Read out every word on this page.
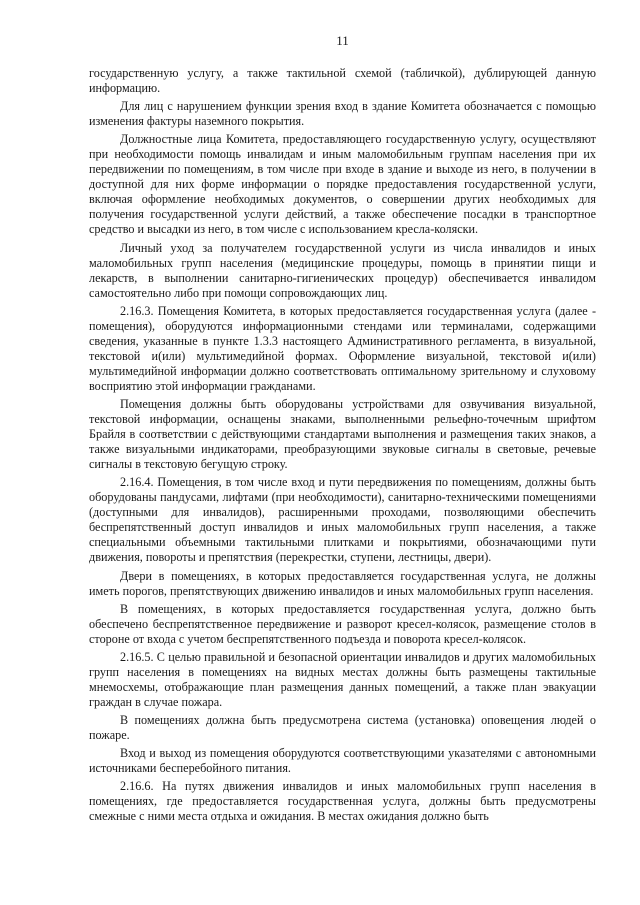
11

государственную услугу, а также тактильной схемой (табличкой), дублирующей данную информацию.

Для лиц с нарушением функции зрения вход в здание Комитета обозначается с помощью изменения фактуры наземного покрытия.

Должностные лица Комитета, предоставляющего государственную услугу, осуществляют при необходимости помощь инвалидам и иным маломобильным группам населения при их передвижении по помещениям, в том числе при входе в здание и выходе из него, в получении в доступной для них форме информации о порядке предоставления государственной услуги, включая оформление необходимых документов, о совершении других необходимых для получения государственной услуги действий, а также обеспечение посадки в транспортное средство и высадки из него, в том числе с использованием кресла-коляски.

Личный уход за получателем государственной услуги из числа инвалидов и иных маломобильных групп населения (медицинские процедуры, помощь в принятии пищи и лекарств, в выполнении санитарно-гигиенических процедур) обеспечивается инвалидом самостоятельно либо при помощи сопровождающих лиц.

2.16.3. Помещения Комитета, в которых предоставляется государственная услуга (далее - помещения), оборудуются информационными стендами или терминалами, содержащими сведения, указанные в пункте 1.3.3 настоящего Административного регламента, в визуальной, текстовой и(или) мультимедийной формах. Оформление визуальной, текстовой и(или) мультимедийной информации должно соответствовать оптимальному зрительному и слуховому восприятию этой информации гражданами.

Помещения должны быть оборудованы устройствами для озвучивания визуальной, текстовой информации, оснащены знаками, выполненными рельефно-точечным шрифтом Брайля в соответствии с действующими стандартами выполнения и размещения таких знаков, а также визуальными индикаторами, преобразующими звуковые сигналы в световые, речевые сигналы в текстовую бегущую строку.

2.16.4. Помещения, в том числе вход и пути передвижения по помещениям, должны быть оборудованы пандусами, лифтами (при необходимости), санитарно-техническими помещениями (доступными для инвалидов), расширенными проходами, позволяющими обеспечить беспрепятственный доступ инвалидов и иных маломобильных групп населения, а также специальными объемными тактильными плитками и покрытиями, обозначающими пути движения, повороты и препятствия (перекрестки, ступени, лестницы, двери).

Двери в помещениях, в которых предоставляется государственная услуга, не должны иметь порогов, препятствующих движению инвалидов и иных маломобильных групп населения.

В помещениях, в которых предоставляется государственная услуга, должно быть обеспечено беспрепятственное передвижение и разворот кресел-колясок, размещение столов в стороне от входа с учетом беспрепятственного подъезда и поворота кресел-колясок.

2.16.5. С целью правильной и безопасной ориентации инвалидов и других маломобильных групп населения в помещениях на видных местах должны быть размещены тактильные мнемосхемы, отображающие план размещения данных помещений, а также план эвакуации граждан в случае пожара.

В помещениях должна быть предусмотрена система (установка) оповещения людей о пожаре.

Вход и выход из помещения оборудуются соответствующими указателями с автономными источниками бесперебойного питания.

2.16.6. На путях движения инвалидов и иных маломобильных групп населения в помещениях, где предоставляется государственная услуга, должны быть предусмотрены смежные с ними места отдыха и ожидания. В местах ожидания должно быть
